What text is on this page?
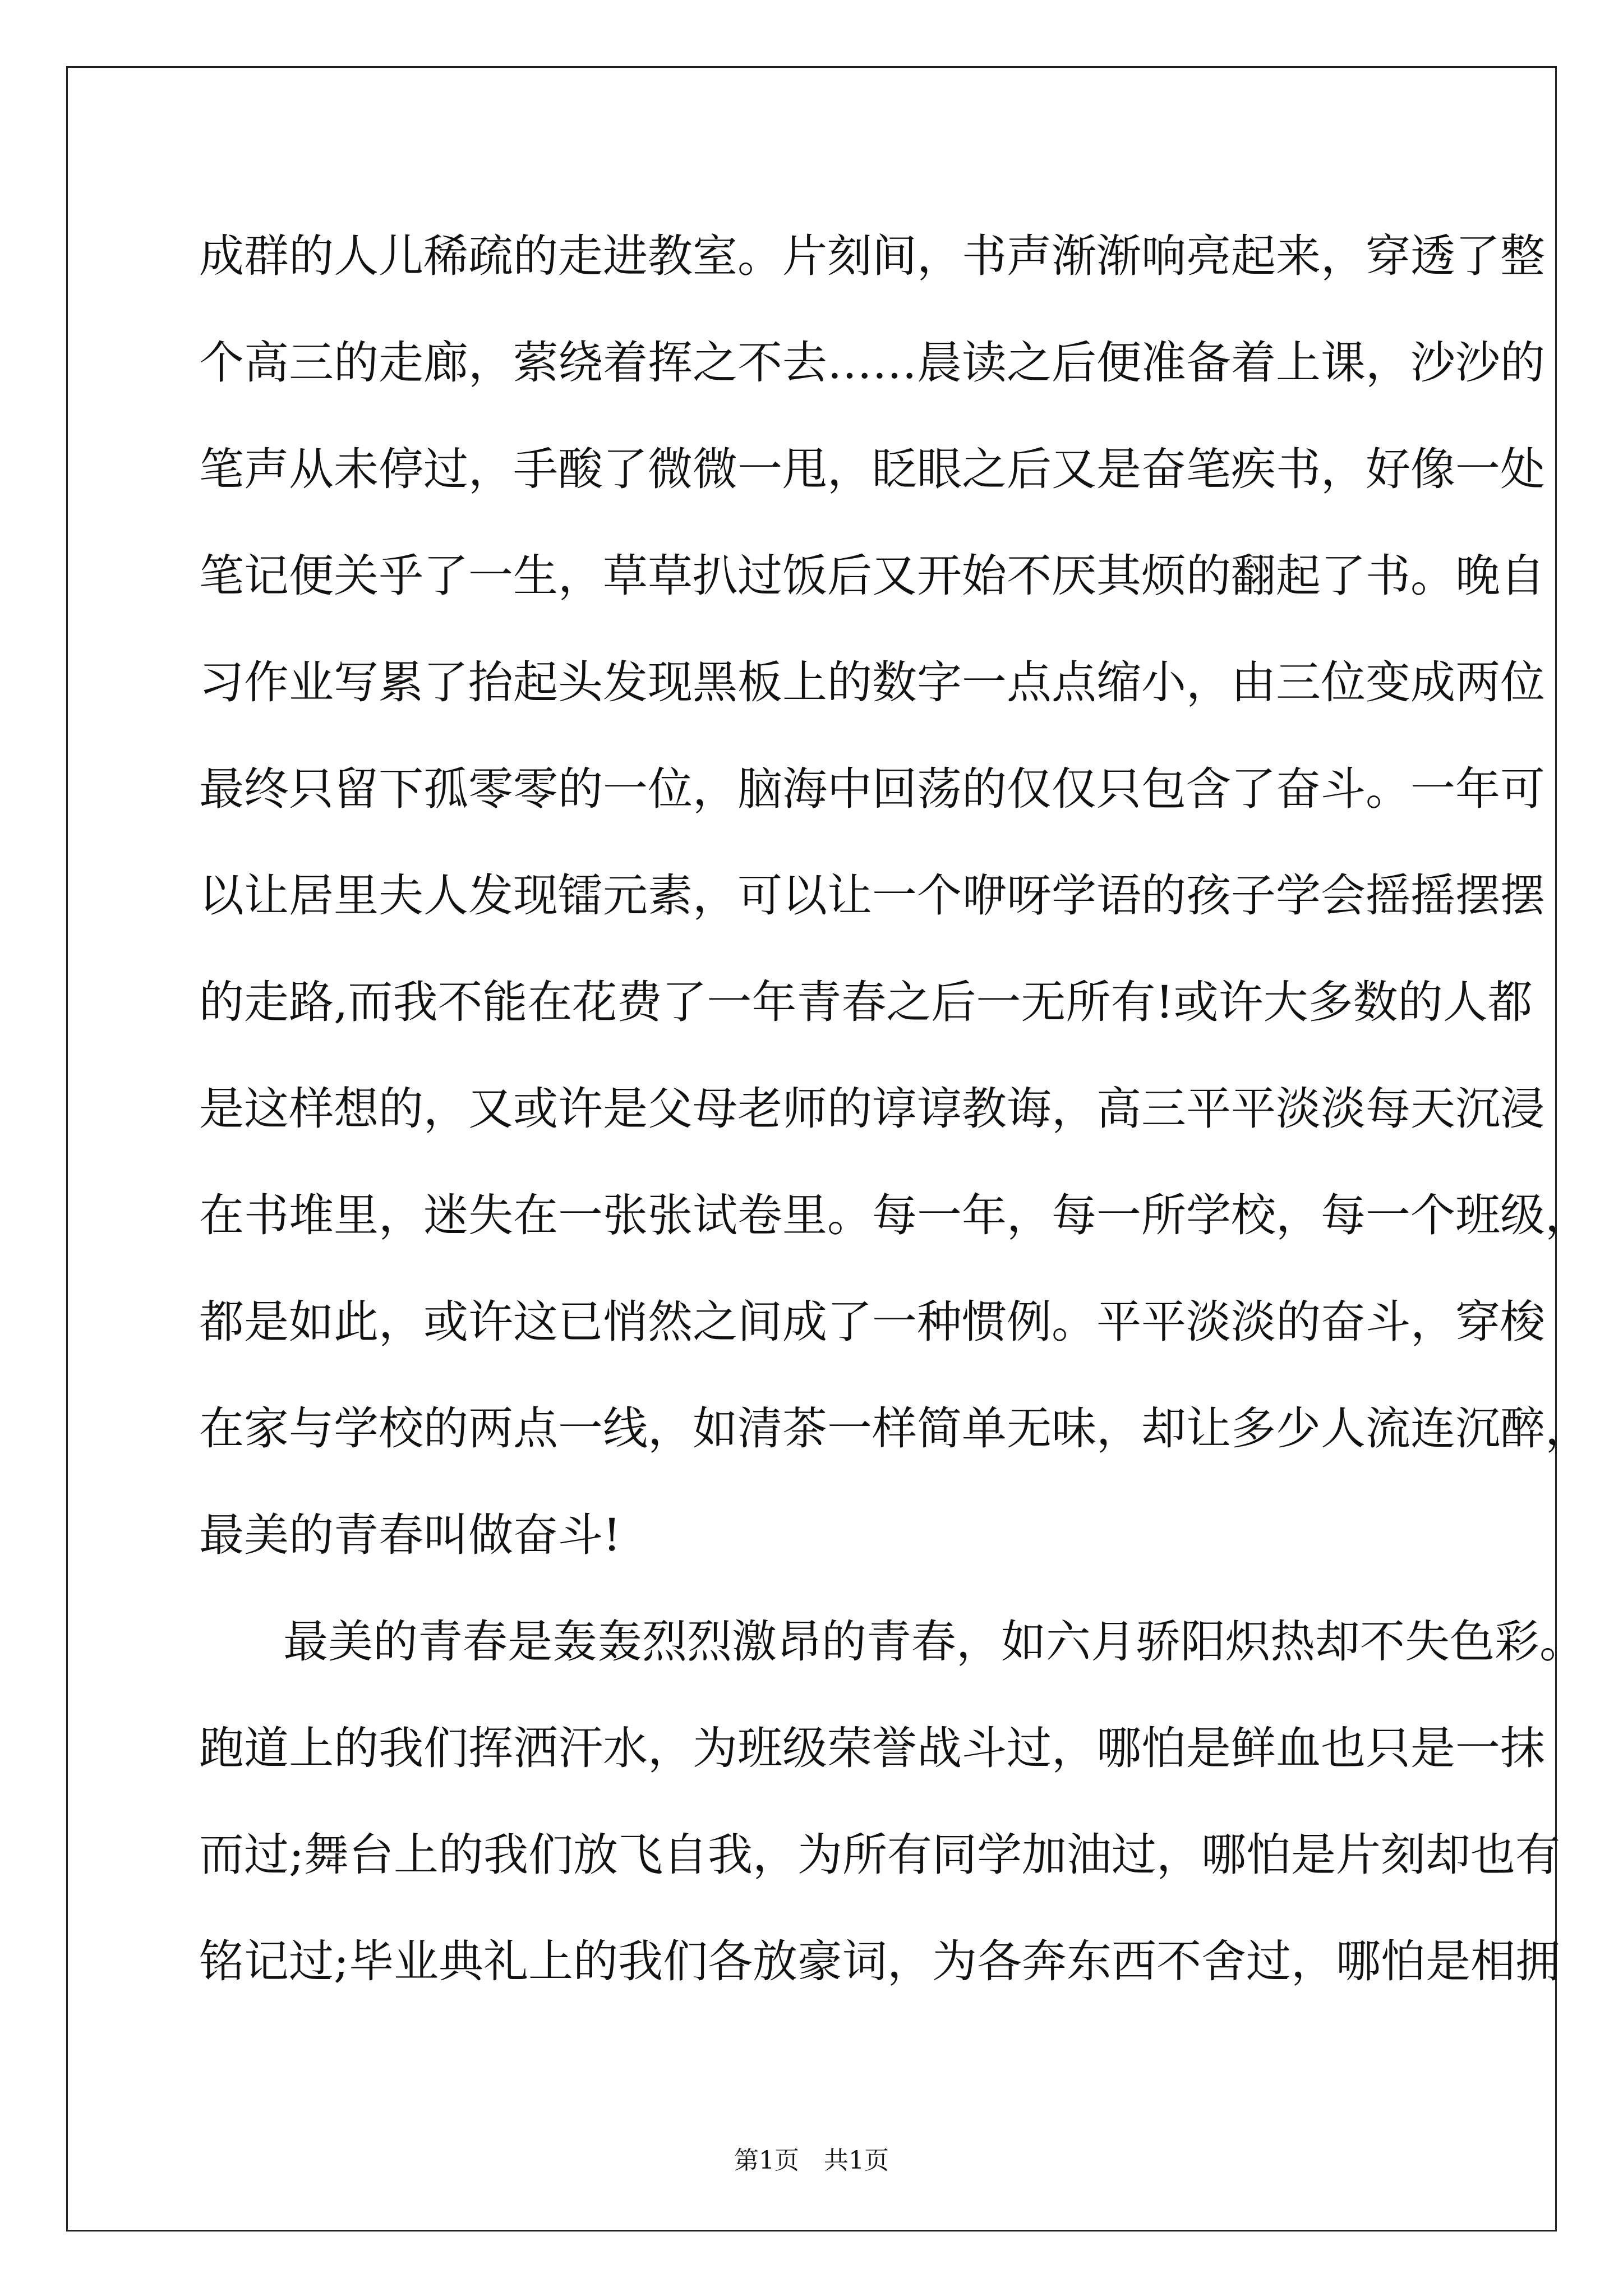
成群的人儿稀疏的走进教室。片刻间，书声渐渐响亮起来，穿透了整
个高三的走廊，萦绕着挥之不去……晨读之后便准备着上课，沙沙的
笔声从未停过，手酸了微微一甩，眨眼之后又是奋笔疾书，好像一处
笔记便关乎了一生，草草扒过饭后又开始不厌其烦的翻起了书。晚自
习作业写累了抬起头发现黑板上的数字一点点缩小，由三位变成两位
最终只留下孤零零的一位，脑海中回荡的仅仅只包含了奋斗。一年可
以让居里夫人发现镭元素，可以让一个咿呀学语的孩子学会摇摇摆摆
的走路,而我不能在花费了一年青春之后一无所有!或许大多数的人都
是这样想的，又或许是父母老师的谆谆教诲，高三平平淡淡每天沉浸
在书堆里，迷失在一张张试卷里。每一年，每一所学校，每一个班级，
都是如此，或许这已悄然之间成了一种惯例。平平淡淡的奋斗，穿梭
在家与学校的两点一线，如清茶一样简单无味，却让多少人流连沉醉，
最美的青春叫做奋斗!
最美的青春是轰轰烈烈激昂的青春，如六月骄阳炽热却不失色彩。
跑道上的我们挥洒汗水，为班级荣誉战斗过，哪怕是鲜血也只是一抹
而过;舞台上的我们放飞自我，为所有同学加油过，哪怕是片刻却也有
铭记过;毕业典礼上的我们各放豪词，为各奔东西不舍过，哪怕是相拥
第1页　共1页
